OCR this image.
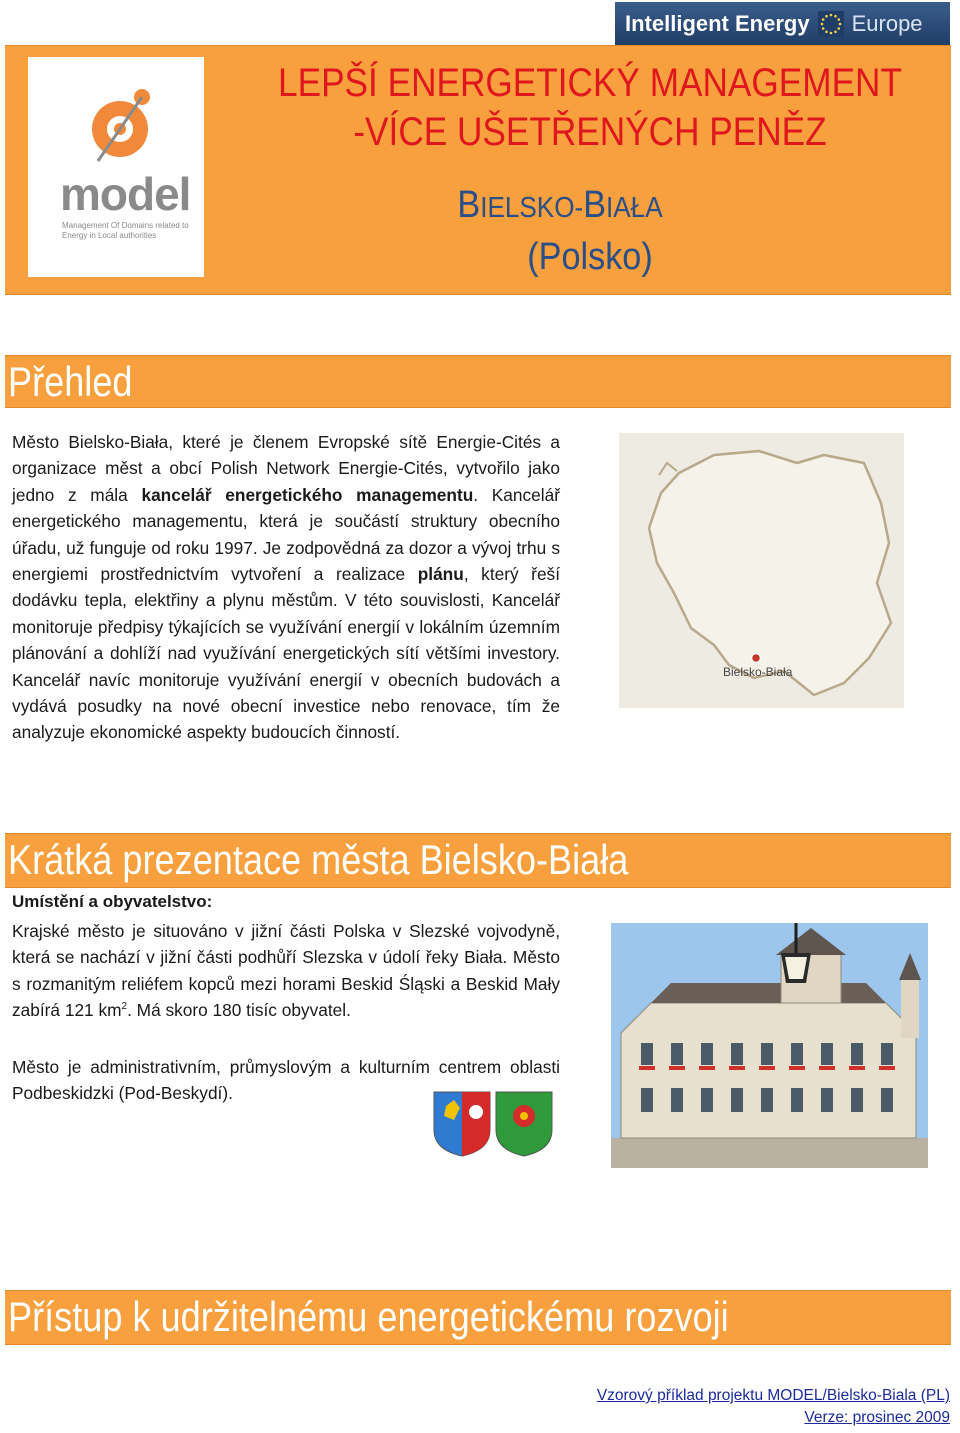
Intelligent Energy Europe
model
Management Of Domains related to Energy in Local authorities
LEPŠÍ ENERGETICKÝ MANAGEMENT
-VÍCE UŠETŘENÝCH PENĚZ
BIELSKO-BIAŁA
(Polsko)
Přehled
Město Bielsko-Biała, které je členem Evropské sítě Energie-Cités a organizace měst a obcí Polish Network Energie-Cités, vytvořilo jako jedno z mála kancelář energetického managementu. Kancelář energetického managementu, která je součástí struktury obecního úřadu, už funguje od roku 1997. Je zodpovědná za dozor a vývoj trhu s energiemi prostřednictvím vytvoření a realizace plánu, který řeší dodávku tepla, elektřiny a plynu městům. V této souvislosti, Kancelář monitoruje předpisy týkajících se využívání energií v lokálním územním plánování a dohlíží nad využívání energetických sítí většími investory. Kancelář navíc monitoruje využívání energií v obecních budovách a vydává posudky na nové obecní investice nebo renovace, tím že analyzuje ekonomické aspekty budoucích činností.
Bielsko-Biała
Krátká prezentace města Bielsko-Biała
Umístění a obyvatelstvo:
Krajské město je situováno v jižní části Polska v Slezské vojvodyně, která se nachází v jižní části podhůří Slezska v údolí řeky Biała. Město s rozmanitým reliéfem kopců mezi horami Beskid Śląski a Beskid Mały zabírá 121 $km^2$. Má skoro 180 tisíc obyvatel.
Město je administrativním, průmyslovým a kulturním centrem oblasti Podbeskidzki (Pod-Beskydí).
Přístup k udržitelnému energetickému rozvoji
Vzorový příklad projektu MODEL/Bielsko-Biala (PL)
Verze: prosinec 2009
